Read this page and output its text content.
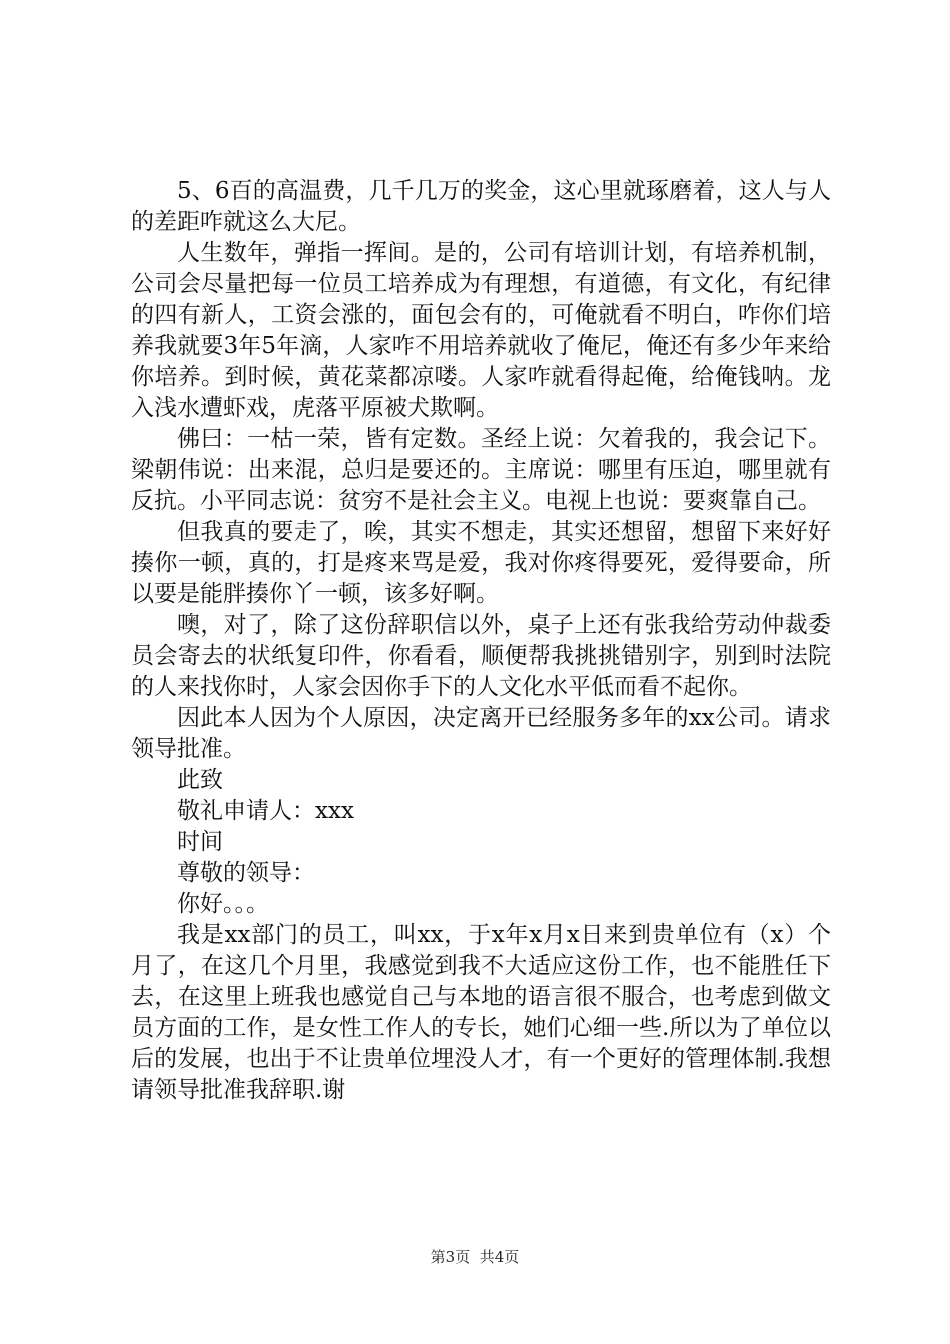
5、6百的高温费，几千几万的奖金，这心里就琢磨着，这人与人的差距咋就这么大尼。

人生数年，弹指一挥间。是的，公司有培训计划，有培养机制，公司会尽量把每一位员工培养成为有理想，有道德，有文化，有纪律的四有新人，工资会涨的，面包会有的，可俺就看不明白，咋你们培养我就要3年5年滴，人家咋不用培养就收了俺尼，俺还有多少年来给你培养。到时候，黄花菜都凉喽。人家咋就看得起俺，给俺钱呐。龙入浅水遭虾戏，虎落平原被犬欺啊。

佛曰：一枯一荣，皆有定数。圣经上说：欠着我的，我会记下。梁朝伟说：出来混，总归是要还的。主席说：哪里有压迫，哪里就有反抗。小平同志说：贫穷不是社会主义。电视上也说：要爽靠自己。

但我真的要走了，唉，其实不想走，其实还想留，想留下来好好揍你一顿，真的，打是疼来骂是爱，我对你疼得要死，爱得要命，所以要是能胖揍你丫一顿，该多好啊。

噢，对了，除了这份辞职信以外，桌子上还有张我给劳动仲裁委员会寄去的状纸复印件，你看看，顺便帮我挑挑错别字，别到时法院的人来找你时，人家会因你手下的人文化水平低而看不起你。

因此本人因为个人原因，决定离开已经服务多年的xx公司。请求领导批准。

此致

敬礼申请人：xxx

时间

尊敬的领导：

你好。。。

我是xx部门的员工，叫xx，于x年x月x日来到贵单位有（x）个月了，在这几个月里，我感觉到我不大适应这份工作，也不能胜任下去，在这里上班我也感觉自己与本地的语言很不服合，也考虑到做文员方面的工作，是女性工作人的专长，她们心细一些.所以为了单位以后的发展，也出于不让贵单位埋没人才，有一个更好的管理体制.我想请领导批准我辞职.谢

第3页 共4页
